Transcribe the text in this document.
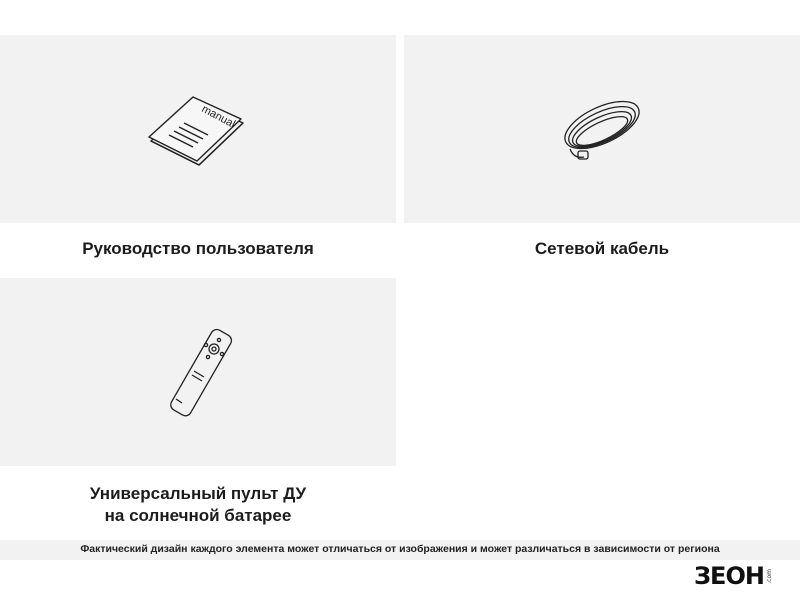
manual
Руководство пользователя	Сетевой кабель
Универсальный пульт ДУ
на солнечной батарее
Фактический дизайн каждого элемента может отличаться от изображения и может различаться в зависимости от региона
ЗЕОН .com
